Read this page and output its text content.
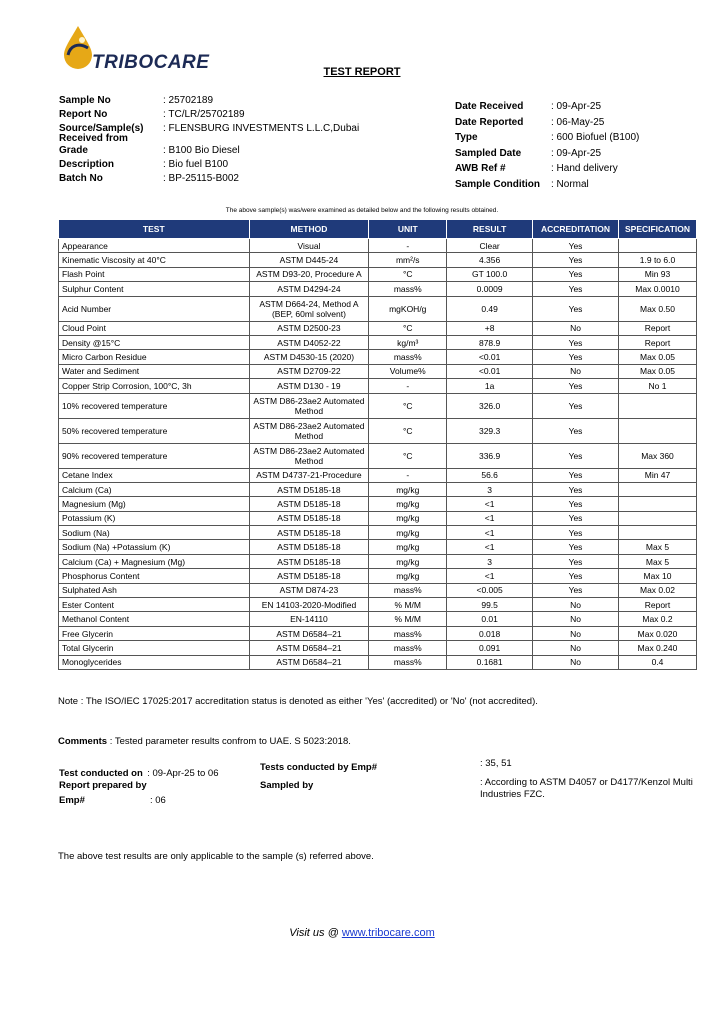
TRIBOCARE	TEST REPORT
Sample No	: 25702189
Report No	: TC/LR/25702189
Source/Sample(s) : FLENSBURG INVESTMENTS L.L.C,Dubai
Received from
Grade	: B100 Bio Diesel
Description	: Bio fuel B100
Batch No	: BP-25115-B002
Date Received	: 09-Apr-25
Date Reported	: 06-May-25
Type	: 600 Biofuel (B100)
Sampled Date	: 09-Apr-25
AWB Ref #	: Hand delivery
Sample Condition : Normal
The above sample(s) was/were examined as detailed below and the following results obtained.
TEST	METHOD	UNIT	RESULT	ACCREDITATION	SPECIFICATION
Appearance	Visual	-	Clear	Yes	
Kinematic Viscosity at 40°C	ASTM D445-24	mm²/s	4.356	Yes	1.9 to 6.0
Flash Point	ASTM D93-20, Procedure A	°C	GT 100.0	Yes	Min 93
Sulphur Content	ASTM D4294-24	mass%	0.0009	Yes	Max 0.0010
Acid Number	ASTM D664-24, Method A (BEP, 60ml solvent)	mgKOH/g	0.49	Yes	Max 0.50
Cloud Point	ASTM D2500-23	°C	+8	No	Report
Density @15°C	ASTM D4052-22	kg/m³	878.9	Yes	Report
Micro Carbon Residue	ASTM D4530-15 (2020)	mass%	<0.01	Yes	Max 0.05
Water and Sediment	ASTM D2709-22	Volume%	<0.01	No	Max 0.05
Copper Strip Corrosion, 100°C, 3h	ASTM D130 - 19	-	1a	Yes	No 1
10% recovered temperature	ASTM D86-23ae2 Automated Method	°C	326.0	Yes	
50% recovered temperature	ASTM D86-23ae2 Automated Method	°C	329.3	Yes	
90% recovered temperature	ASTM D86-23ae2 Automated Method	°C	336.9	Yes	Max 360
Cetane Index	ASTM D4737-21-Procedure	-	56.6	Yes	Min 47
Calcium (Ca)	ASTM D5185-18	mg/kg	3	Yes	
Magnesium (Mg)	ASTM D5185-18	mg/kg	<1	Yes	
Potassium (K)	ASTM D5185-18	mg/kg	<1	Yes	
Sodium (Na)	ASTM D5185-18	mg/kg	<1	Yes	
Sodium (Na) +Potassium (K)	ASTM D5185-18	mg/kg	<1	Yes	Max 5
Calcium (Ca) + Magnesium (Mg)	ASTM D5185-18	mg/kg	3	Yes	Max 5
Phosphorus Content	ASTM D5185-18	mg/kg	<1	Yes	Max 10
Sulphated Ash	ASTM D874-23	mass%	<0.005	Yes	Max 0.02
Ester Content	EN 14103-2020-Modified	% M/M	99.5	No	Report
Methanol Content	EN-14110	% M/M	0.01	No	Max 0.2
Free Glycerin	ASTM D6584–21	mass%	0.018	No	Max 0.020
Total Glycerin	ASTM D6584–21	mass%	0.091	No	Max 0.240
Monoglycerides	ASTM D6584–21	mass%	0.1681	No	0.4
Note : The ISO/IEC 17025:2017 accreditation status is denoted as either 'Yes' (accredited) or 'No' (not accredited).
Comments : Tested parameter results confrom to UAE. S 5023:2018.
Test conducted on : 09-Apr-25 to 06
Tests conducted by Emp#	: 35, 51
Report prepared by
Emp#	: 06
Sampled by	: According to ASTM D4057 or D4177/Kenzol Multi Industries FZC.
The above test results are only applicable to the sample (s) referred above.
Visit us @ www.tribocare.com
